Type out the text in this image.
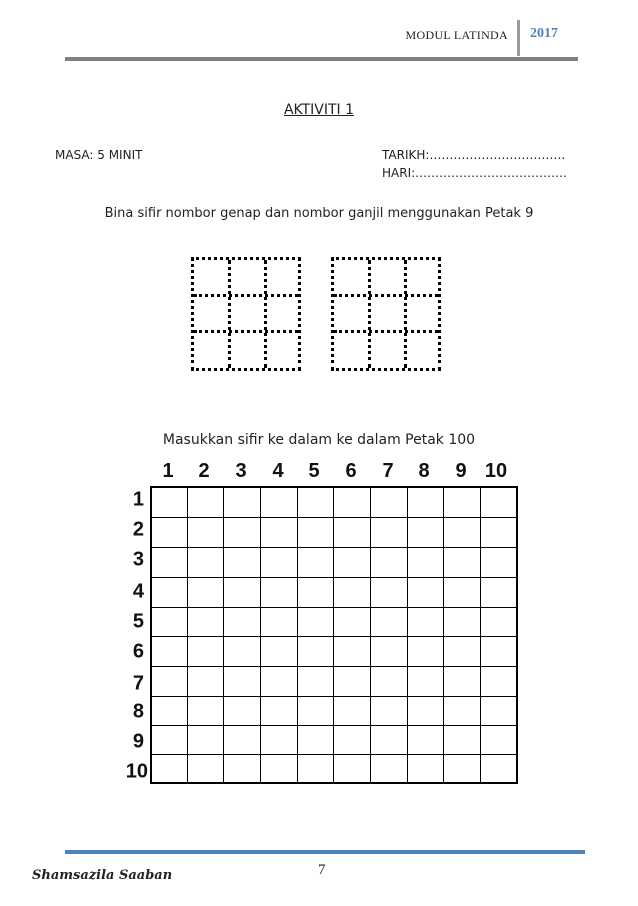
MODUL LATINDA 2017
AKTIVITI 1
MASA: 5 MINIT	TARIKH:…………………………….
HARI:………………………………..
Bina sifir nombor genap dan nombor ganjil menggunakan Petak 9
Masukkan sifir ke dalam ke dalam Petak 100
1 2 3 4 5 6 7 8 9 10
1
2
3
4
5
6
7
8
9
10
Shamsazila Saaban	7
